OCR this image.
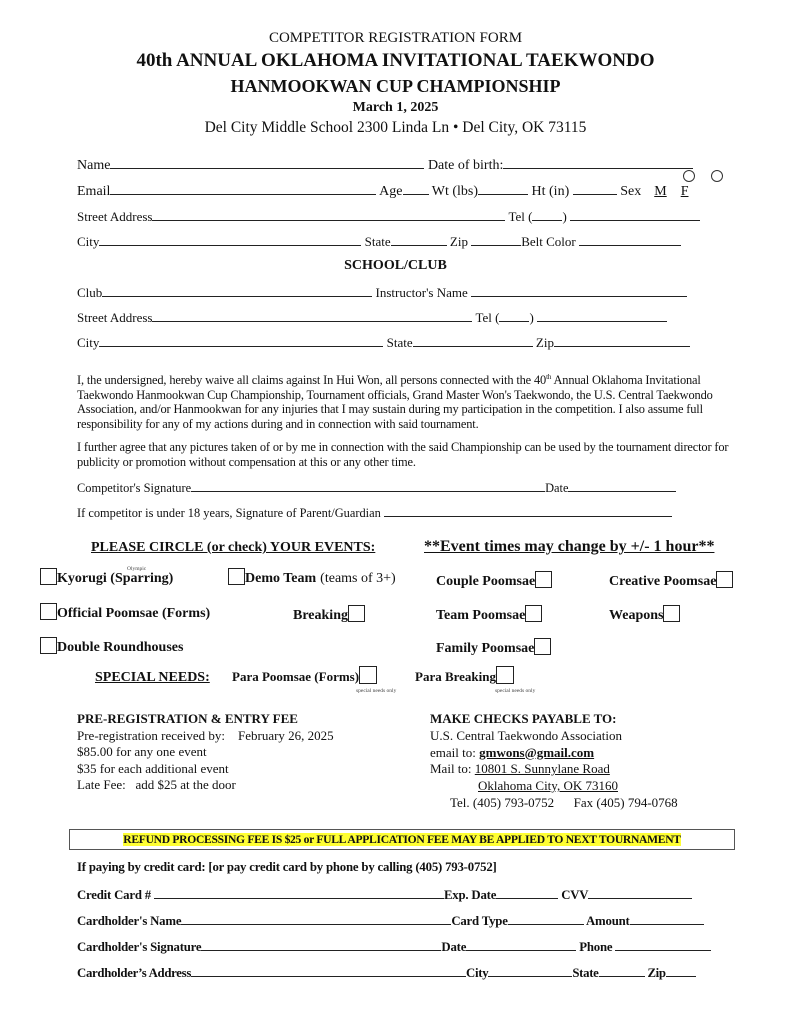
COMPETITOR REGISTRATION FORM
40th ANNUAL OKLAHOMA INVITATIONAL TAEKWONDO
HANMOOKWAN CUP CHAMPIONSHIP
March 1, 2025
Del City Middle School 2300 Linda Ln • Del City, OK 73115
Name	Date of birth:
Email	Age Wt (lbs)	Ht (in)	Sex M F
Street Address	Tel ( )
City	State	Zip	Belt Color
SCHOOL/CLUB
Club	Instructor's Name
Street Address	Tel ( )
City	State	Zip
I, the undersigned, hereby waive all claims against In Hui Won, all persons connected with the 40th Annual Oklahoma Invitational Taekwondo Hanmookwan Cup Championship, Tournament officials, Grand Master Won's Taekwondo, the U.S. Central Taekwondo Association, and/or Hanmookwan for any injuries that I may sustain during my participation in the competition. I also assume full responsibility for any of my actions during and in connection with said tournament.
I further agree that any pictures taken of or by me in connection with the said Championship can be used by the tournament director for publicity or promotion without compensation at this or any other time.
Competitor's Signature	Date
If competitor is under 18 years, Signature of Parent/Guardian
PLEASE CIRCLE (or check) YOUR EVENTS:	**Event times may change by +/- 1 hour**
Olympic
Kyorugi (Sparring)	Demo Team (teams of 3+)	Couple Poomsae	Creative Poomsae
Official Poomsae (Forms)	Breaking	Team Poomsae	Weapons
Double Roundhouses	Family Poomsae
SPECIAL NEEDS: Para Poomsae (Forms)
special needs only
Para Breaking
special needs only
PRE-REGISTRATION & ENTRY FEE
Pre-registration received by: February 26, 2025
$85.00 for any one event
$35 for each additional event
Late Fee: add $25 at the door
MAKE CHECKS PAYABLE TO:
U.S. Central Taekwondo Association
email to: gmwons@gmail.com
Mail to: 10801 S. Sunnylane Road
Oklahoma City, OK 73160
Tel. (405) 793-0752 Fax (405) 794-0768
REFUND PROCESSING FEE IS $25 or FULL APPLICATION FEE MAY BE APPLIED TO NEXT TOURNAMENT
If paying by credit card: [or pay credit card by phone by calling (405) 793-0752]
Credit Card #	Exp. Date	CVV
Cardholder's Name	Card Type	Amount
Cardholder's Signature	Date	Phone
Cardholder’s Address	City	State	Zip
